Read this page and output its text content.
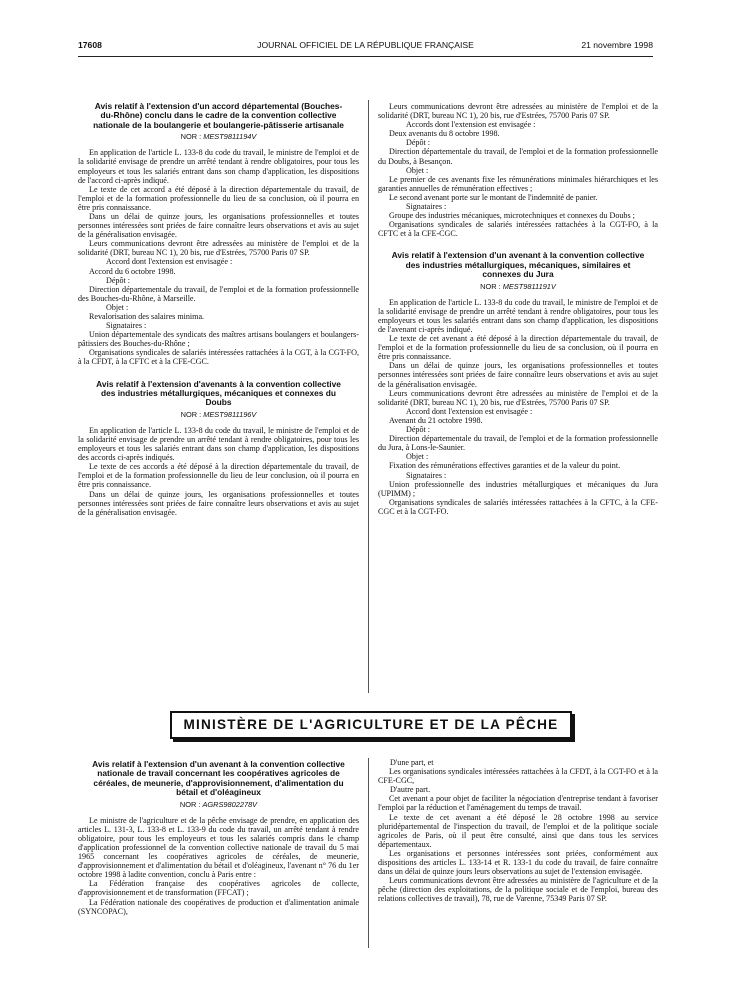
17608	JOURNAL OFFICIEL DE LA RÉPUBLIQUE FRANÇAISE	21 novembre 1998
Avis relatif à l'extension d'un accord départemental (Bouches-du-Rhône) conclu dans le cadre de la convention collective nationale de la boulangerie et boulangerie-pâtisserie artisanale
NOR : MEST9811194V

En application de l'article L. 133-8 du code du travail, le ministre de l'emploi et de la solidarité envisage de prendre un arrêté tendant à rendre obligatoires, pour tous les employeurs et tous les salariés entrant dans son champ d'application, les dispositions de l'accord ci-après indiqué.

Le texte de cet accord a été déposé à la direction départementale du travail, de l'emploi et de la formation professionnelle du lieu de sa conclusion, où il pourra en être pris connaissance.

Dans un délai de quinze jours, les organisations professionnelles et toutes personnes intéressées sont priées de faire connaître leurs observations et avis au sujet de la généralisation envisagée.

Leurs communications devront être adressées au ministère de l'emploi et de la solidarité (DRT, bureau NC 1), 20 bis, rue d'Estrées, 75700 Paris 07 SP.

Accord dont l'extension est envisagée :

Accord du 6 octobre 1998.

Dépôt :

Direction départementale du travail, de l'emploi et de la formation professionnelle des Bouches-du-Rhône, à Marseille.

Objet :

Revalorisation des salaires minima.

Signataires :

Union départementale des syndicats des maîtres artisans boulangers et boulangers-pâtissiers des Bouches-du-Rhône ;

Organisations syndicales de salariés intéressées rattachées à la CGT, à la CGT-FO, à la CFDT, à la CFTC et à la CFE-CGC.

Avis relatif à l'extension d'avenants à la convention collective des industries métallurgiques, mécaniques et connexes du Doubs
NOR : MEST9811196V

En application de l'article L. 133-8 du code du travail, le ministre de l'emploi et de la solidarité envisage de prendre un arrêté tendant à rendre obligatoires, pour tous les employeurs et tous les salariés entrant dans son champ d'application, les dispositions des accords ci-après indiqués.

Le texte de ces accords a été déposé à la direction départementale du travail, de l'emploi et de la formation professionnelle du lieu de leur conclusion, où il pourra en être pris connaissance.

Dans un délai de quinze jours, les organisations professionnelles et toutes personnes intéressées sont priées de faire connaître leurs observations et avis au sujet de la généralisation envisagée.

Leurs communications devront être adressées au ministère de l'emploi et de la solidarité (DRT, bureau NC 1), 20 bis, rue d'Estrées, 75700 Paris 07 SP.

Accords dont l'extension est envisagée :

Deux avenants du 8 octobre 1998.

Dépôt :

Direction départementale du travail, de l'emploi et de la formation professionnelle du Doubs, à Besançon.

Objet :

Le premier de ces avenants fixe les rémunérations minimales hiérarchiques et les garanties annuelles de rémunération effectives ;

Le second avenant porte sur le montant de l'indemnité de panier.

Signataires :

Groupe des industries mécaniques, microtechniques et connexes du Doubs ;

Organisations syndicales de salariés intéressées rattachées à la CGT-FO, à la CFTC et à la CFE-CGC.

Avis relatif à l'extension d'un avenant à la convention collective des industries métallurgiques, mécaniques, similaires et connexes du Jura
NOR : MEST9811191V

En application de l'article L. 133-8 du code du travail, le ministre de l'emploi et de la solidarité envisage de prendre un arrêté tendant à rendre obligatoires, pour tous les employeurs et tous les salariés entrant dans son champ d'application, les dispositions de l'avenant ci-après indiqué.

Le texte de cet avenant a été déposé à la direction départementale du travail, de l'emploi et de la formation professionnelle du lieu de sa conclusion, où il pourra en être pris connaissance.

Dans un délai de quinze jours, les organisations professionnelles et toutes personnes intéressées sont priées de faire connaître leurs observations et avis au sujet de la généralisation envisagée.

Leurs communications devront être adressées au ministère de l'emploi et de la solidarité (DRT, bureau NC 1), 20 bis, rue d'Estrées, 75700 Paris 07 SP.

Accord dont l'extension est envisagée :

Avenant du 21 octobre 1998.

Dépôt :

Direction départementale du travail, de l'emploi et de la formation professionnelle du Jura, à Lons-le-Saunier.

Objet :

Fixation des rémunérations effectives garanties et de la valeur du point.

Signataires :

Union professionnelle des industries métallurgiques et mécaniques du Jura (UPIMM) ;

Organisations syndicales de salariés intéressées rattachées à la CFTC, à la CFE-CGC et à la CGT-FO.

MINISTÈRE DE L'AGRICULTURE ET DE LA PÊCHE
Avis relatif à l'extension d'un avenant à la convention collective nationale de travail concernant les coopératives agricoles de céréales, de meunerie, d'approvisionnement, d'alimentation du bétail et d'oléagineux
NOR : AGRS9802278V

Le ministre de l'agriculture et de la pêche envisage de prendre, en application des articles L. 131-3, L. 133-8 et L. 133-9 du code du travail, un arrêté tendant à rendre obligatoire, pour tous les employeurs et tous les salariés compris dans le champ d'application professionnel de la convention collective nationale de travail du 5 mai 1965 concernant les coopératives agricoles de céréales, de meunerie, d'approvisionnement et d'alimentation du bétail et d'oléagineux, l'avenant n° 76 du 1er octobre 1998 à ladite convention, conclu à Paris entre :

La Fédération française des coopératives agricoles de collecte, d'approvisionnement et de transformation (FFCAT) ;

La Fédération nationale des coopératives de production et d'alimentation animale (SYNCOPAC),

D'une part, et

Les organisations syndicales intéressées rattachées à la CFDT, à la CGT-FO et à la CFE-CGC,

D'autre part.

Cet avenant a pour objet de faciliter la négociation d'entreprise tendant à favoriser l'emploi par la réduction et l'aménagement du temps de travail.

Le texte de cet avenant a été déposé le 28 octobre 1998 au service pluridépartemental de l'inspection du travail, de l'emploi et de la politique sociale agricoles de Paris, où il peut être consulté, ainsi que dans tous les services départementaux.

Les organisations et personnes intéressées sont priées, conformément aux dispositions des articles L. 133-14 et R. 133-1 du code du travail, de faire connaître dans un délai de quinze jours leurs observations au sujet de l'extension envisagée.

Leurs communications devront être adressées au ministère de l'agriculture et de la pêche (direction des exploitations, de la politique sociale et de l'emploi, bureau des relations collectives de travail), 78, rue de Varenne, 75349 Paris 07 SP.
